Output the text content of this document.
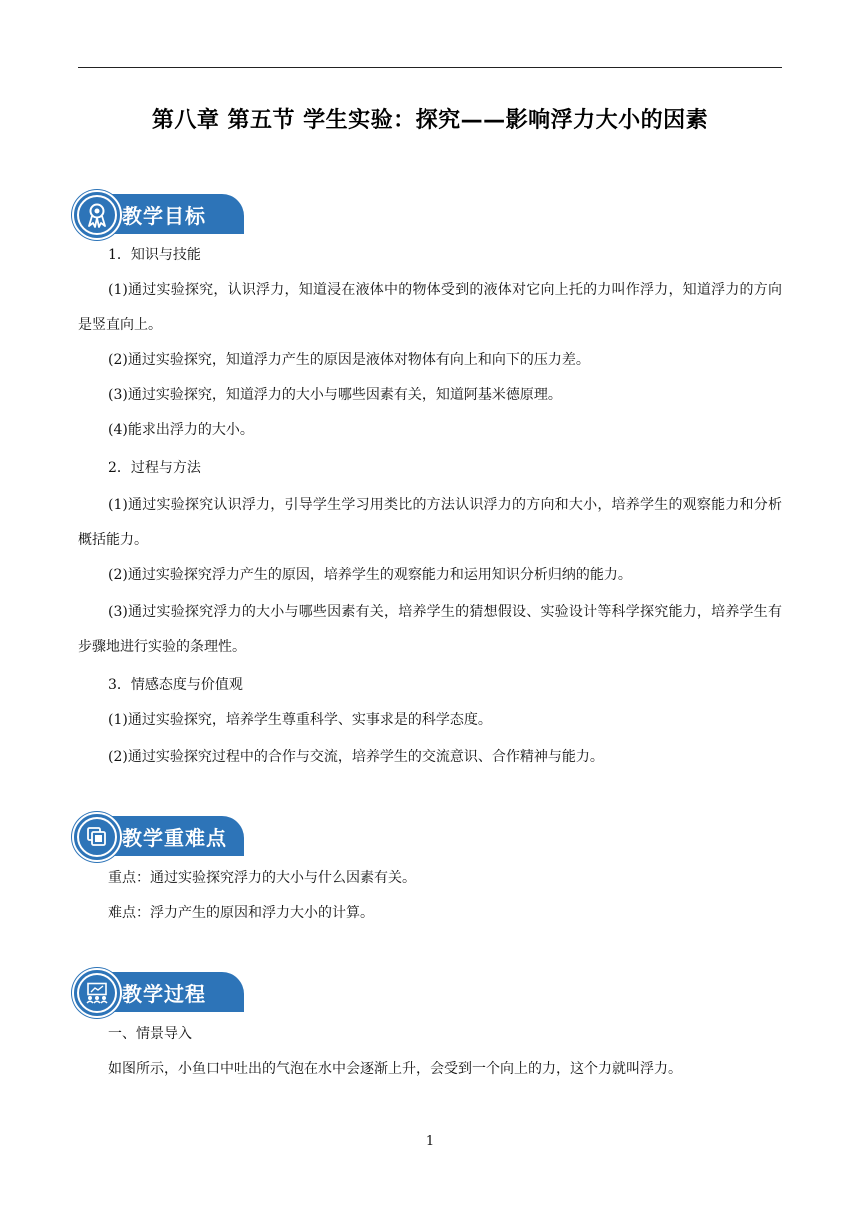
第八章 第五节 学生实验：探究——影响浮力大小的因素
教学目标

1．知识与技能

(1)通过实验探究，认识浮力，知道浸在液体中的物体受到的液体对它向上托的力叫作浮力，知道浮力的方向是竖直向上。

(2)通过实验探究，知道浮力产生的原因是液体对物体有向上和向下的压力差。

(3)通过实验探究，知道浮力的大小与哪些因素有关，知道阿基米德原理。

(4)能求出浮力的大小。

2．过程与方法

(1)通过实验探究认识浮力，引导学生学习用类比的方法认识浮力的方向和大小，培养学生的观察能力和分析概括能力。

(2)通过实验探究浮力产生的原因，培养学生的观察能力和运用知识分析归纳的能力。

(3)通过实验探究浮力的大小与哪些因素有关，培养学生的猜想假设、实验设计等科学探究能力，培养学生有步骤地进行实验的条理性。

3．情感态度与价值观

(1)通过实验探究，培养学生尊重科学、实事求是的科学态度。

(2)通过实验探究过程中的合作与交流，培养学生的交流意识、合作精神与能力。

教学重难点

重点：通过实验探究浮力的大小与什么因素有关。

难点：浮力产生的原因和浮力大小的计算。

教学过程

一、情景导入

如图所示，小鱼口中吐出的气泡在水中会逐渐上升，会受到一个向上的力，这个力就叫浮力。

1
